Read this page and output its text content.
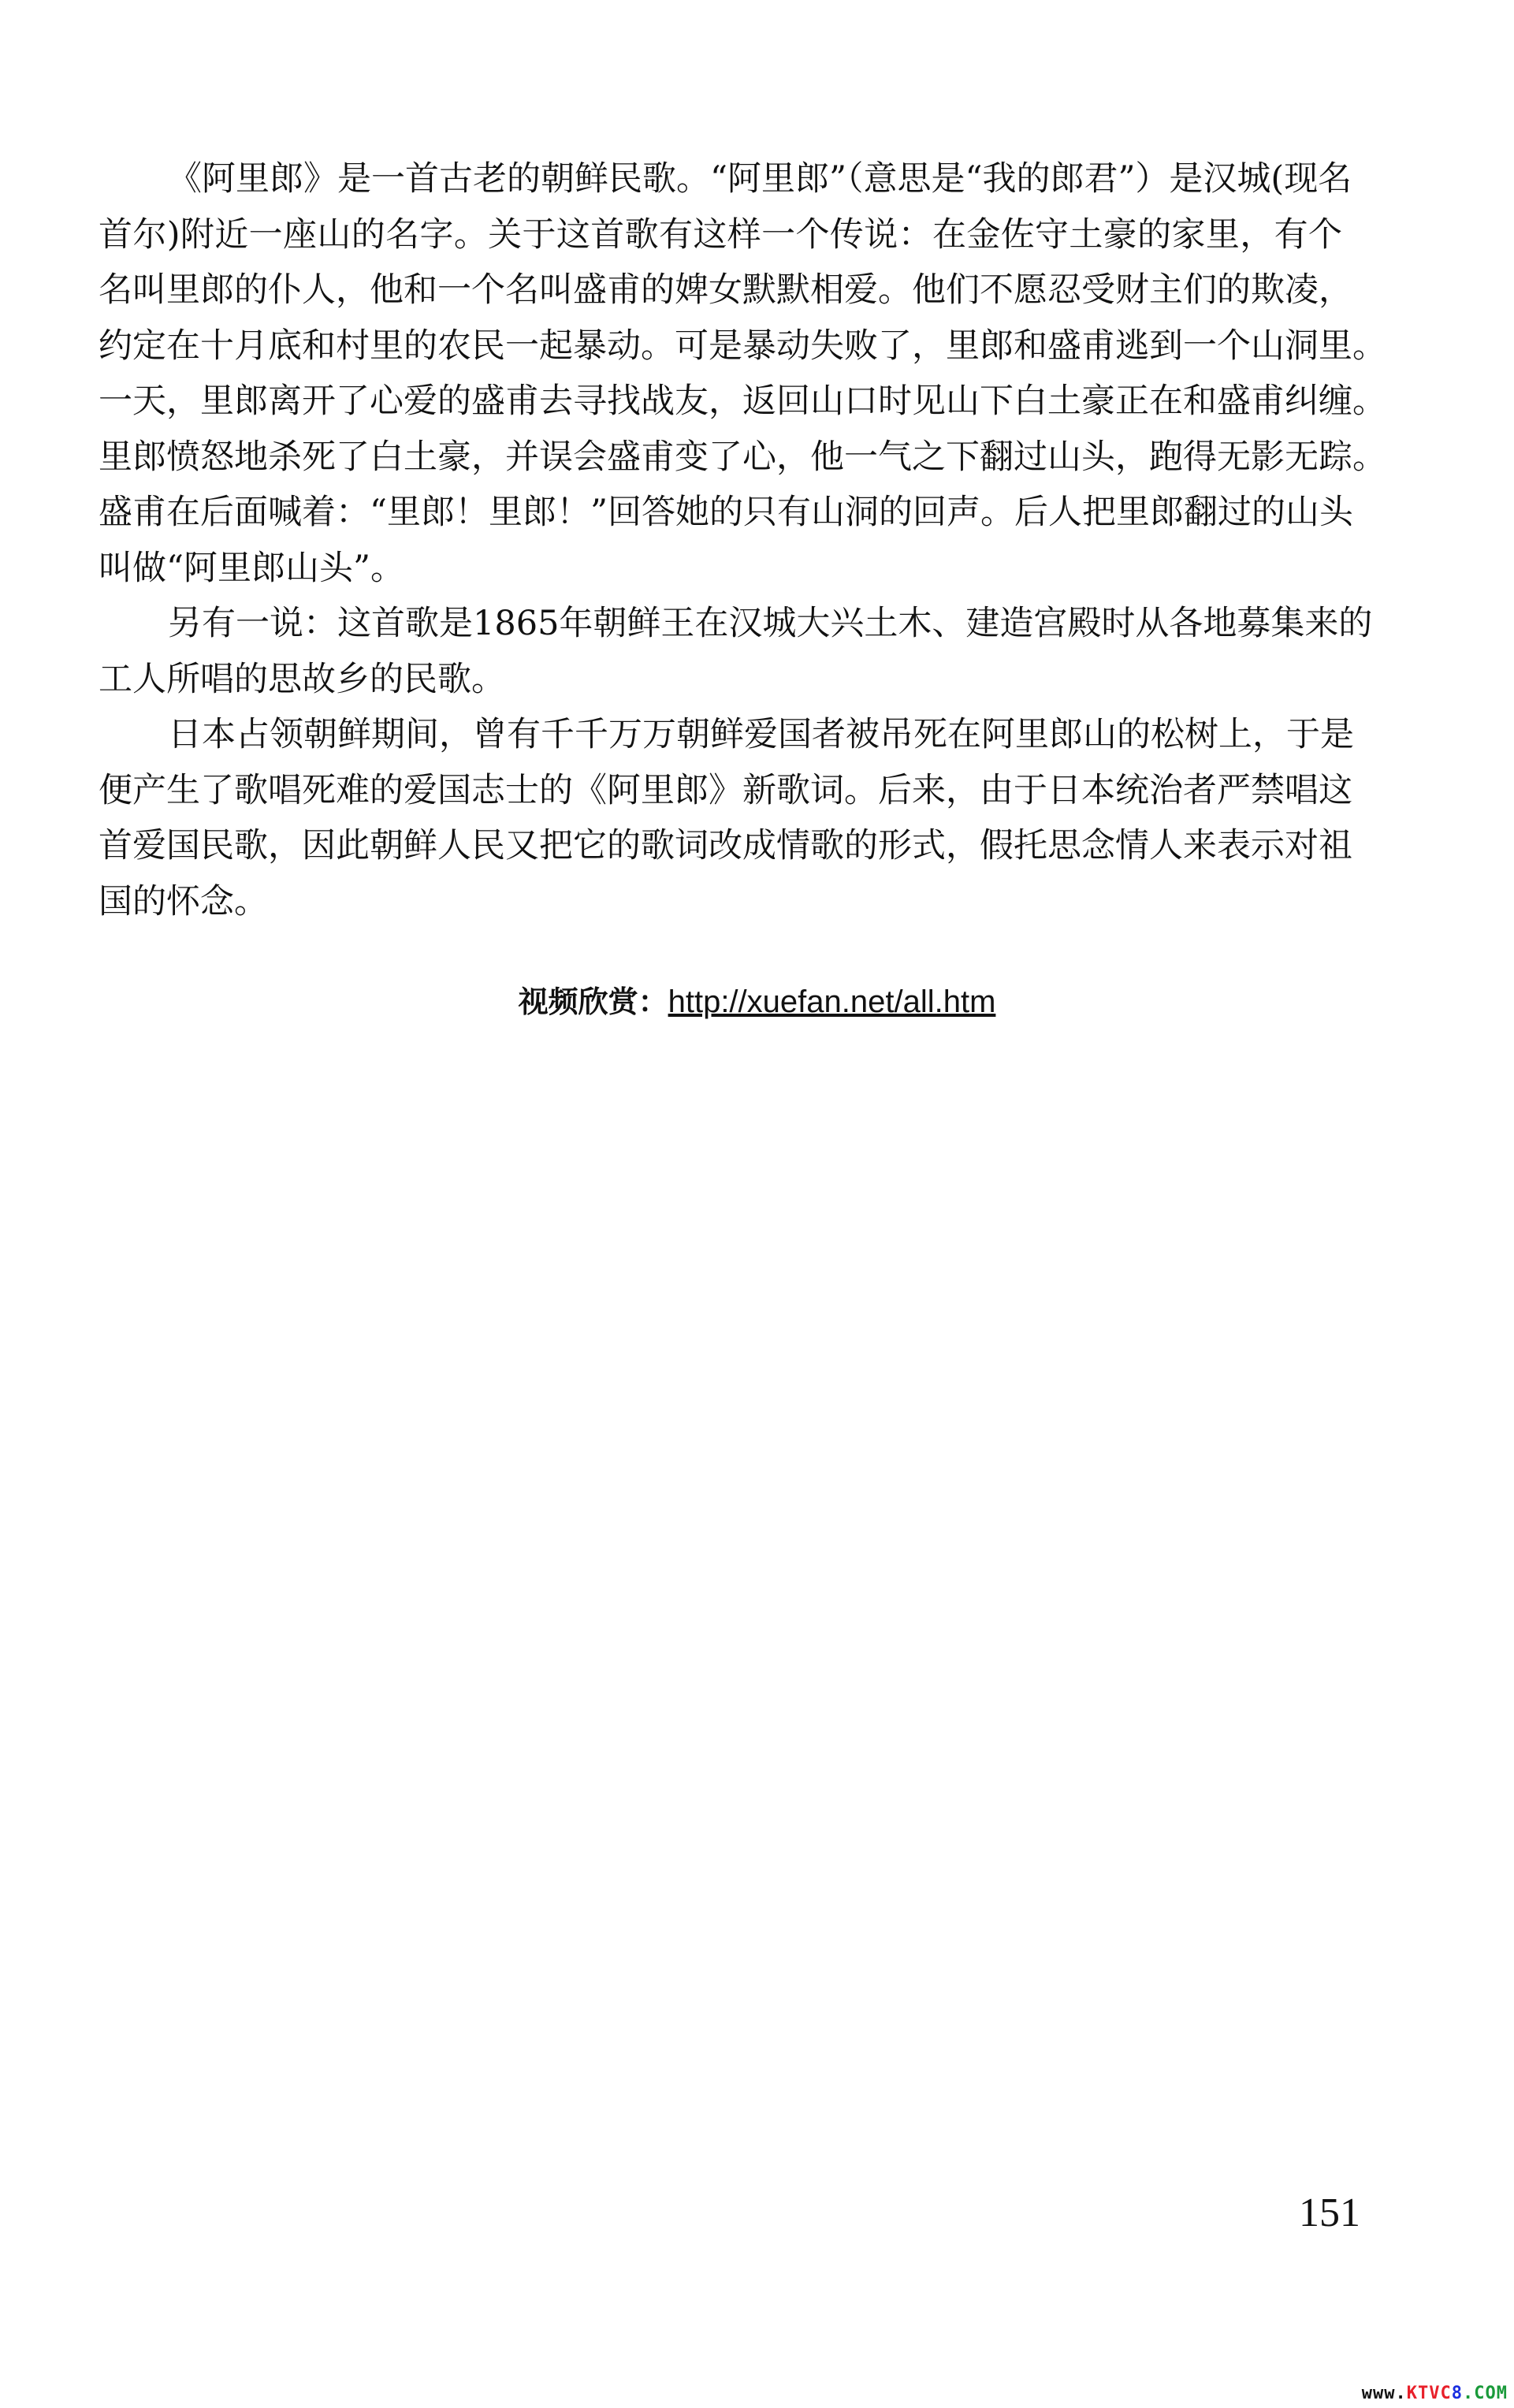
《阿里郎》是一首古老的朝鲜民歌。“阿里郎”（意思是“我的郎君”）是汉城(现名
首尔)附近一座山的名字。关于这首歌有这样一个传说：在金佐守土豪的家里，有个
名叫里郎的仆人，他和一个名叫盛甫的婢女默默相爱。他们不愿忍受财主们的欺凌，
约定在十月底和村里的农民一起暴动。可是暴动失败了，里郎和盛甫逃到一个山洞里。
一天，里郎离开了心爱的盛甫去寻找战友，返回山口时见山下白土豪正在和盛甫纠缠。
里郎愤怒地杀死了白土豪，并误会盛甫变了心，他一气之下翻过山头，跑得无影无踪。
盛甫在后面喊着：“里郎！里郎！”回答她的只有山洞的回声。后人把里郎翻过的山头
叫做“阿里郎山头”。
另有一说：这首歌是1865年朝鲜王在汉城大兴土木、建造宫殿时从各地募集来的
工人所唱的思故乡的民歌。
日本占领朝鲜期间，曾有千千万万朝鲜爱国者被吊死在阿里郎山的松树上，于是
便产生了歌唱死难的爱国志士的《阿里郎》新歌词。后来，由于日本统治者严禁唱这
首爱国民歌，因此朝鲜人民又把它的歌词改成情歌的形式，假托思念情人来表示对祖
国的怀念。
视频欣赏：http://xuefan.net/all.htm
151
www.KTVC8.COM
